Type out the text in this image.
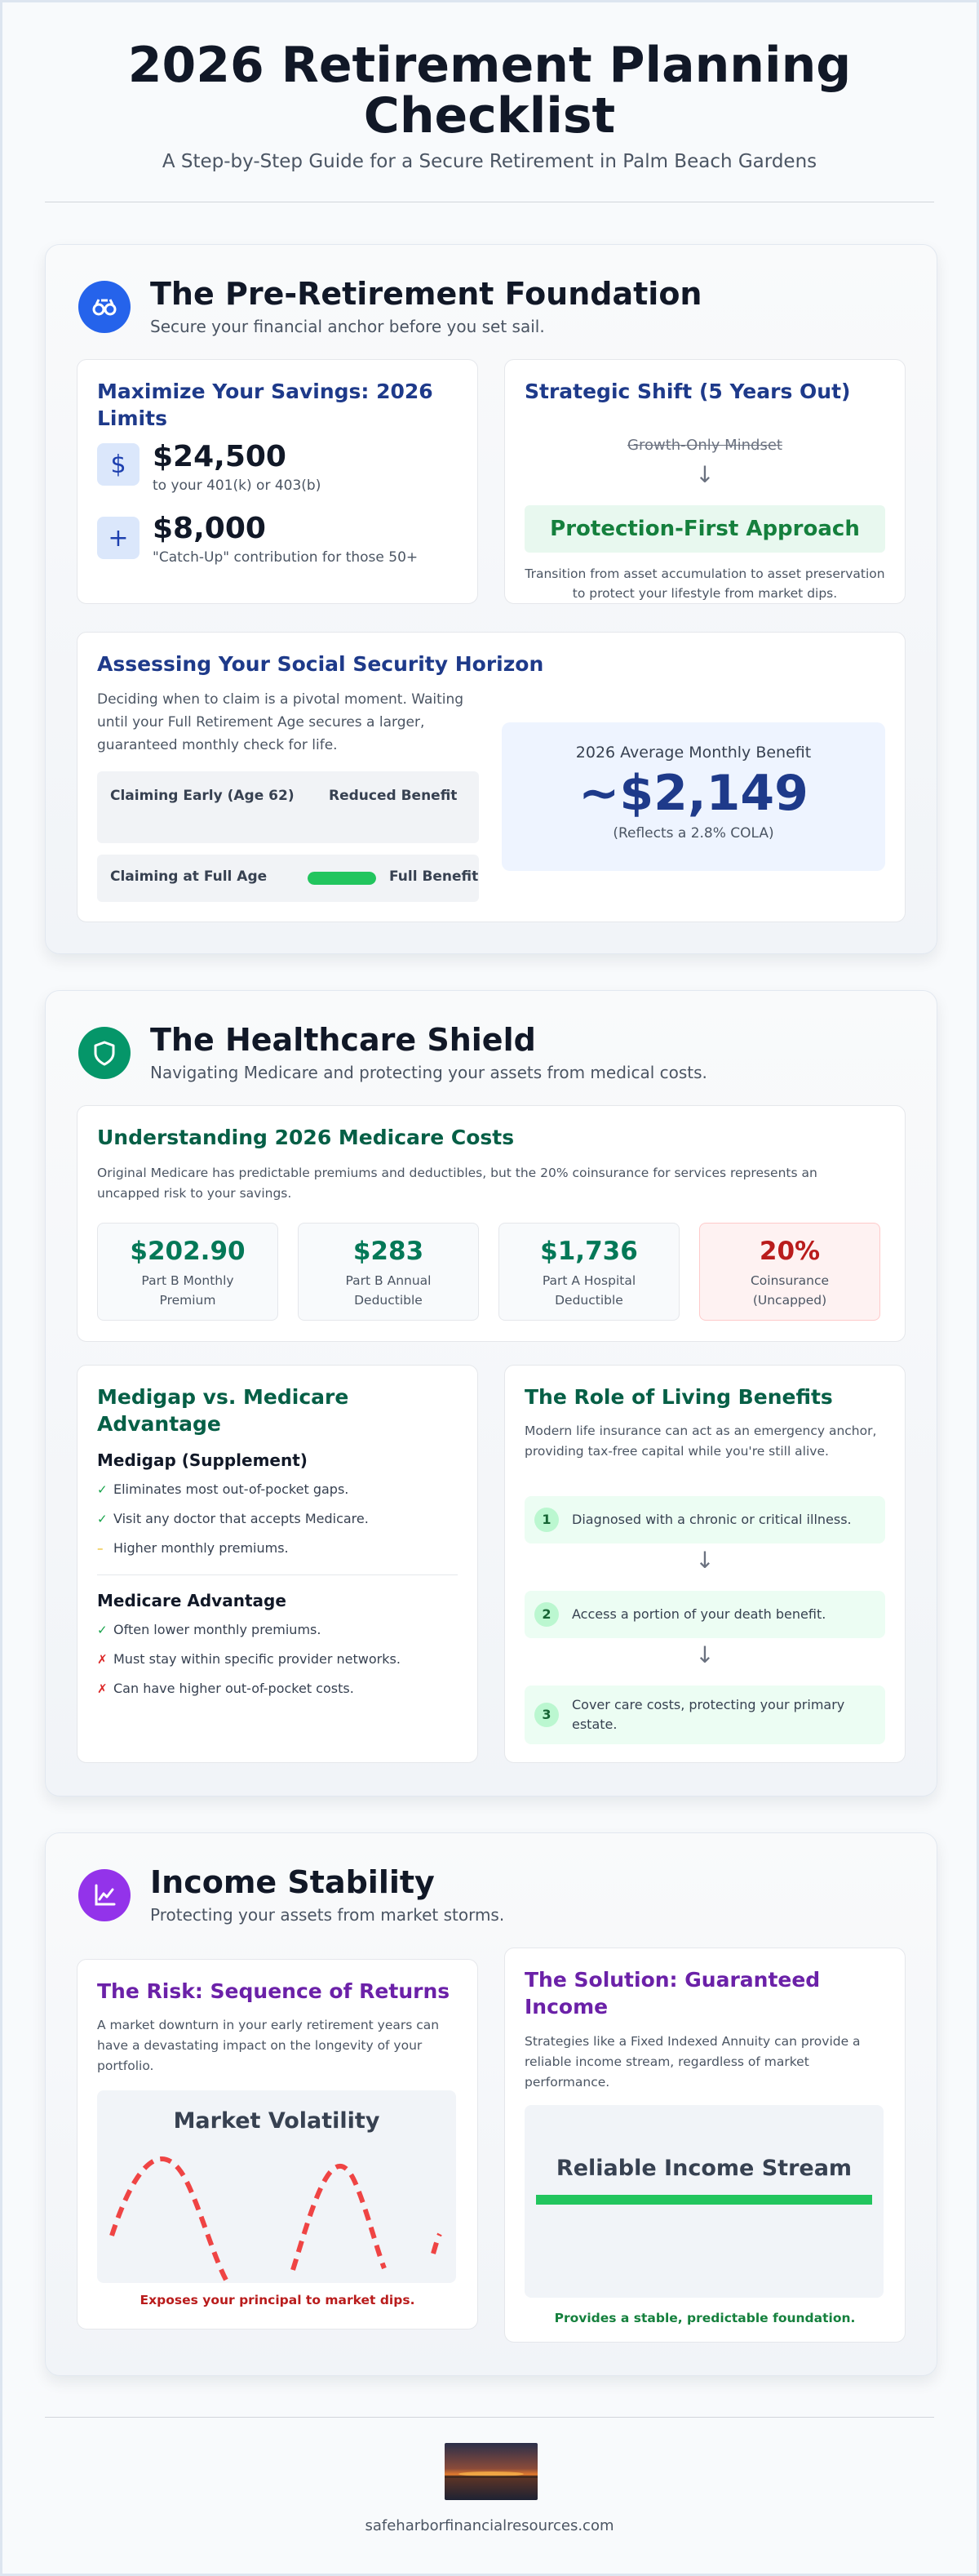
2026 Retirement Planning Checklist
A Step-by-Step Guide for a Secure Retirement in Palm Beach Gardens
The Pre-Retirement Foundation
Secure your financial anchor before you set sail.
Maximize Your Savings: 2026 Limits
$ $24,500
to your 401(k) or 403(b)
+ $8,000
"Catch-Up" contribution for those 50+
Strategic Shift (5 Years Out)
Growth-Only Mindset
↓
Protection-First Approach
Transition from asset accumulation to asset preservation to protect your lifestyle from market dips.
Assessing Your Social Security Horizon
Deciding when to claim is a pivotal moment. Waiting until your Full Retirement Age secures a larger, guaranteed monthly check for life.
Claiming Early (Age 62)	Reduced Benefit
Claiming at Full Age	Full Benefit
2026 Average Monthly Benefit
~$2,149
(Reflects a 2.8% COLA)
The Healthcare Shield
Navigating Medicare and protecting your assets from medical costs.
Understanding 2026 Medicare Costs
Original Medicare has predictable premiums and deductibles, but the 20% coinsurance for services represents an uncapped risk to your savings.
$202.90
Part B Monthly Premium
$283
Part B Annual Deductible
$1,736
Part A Hospital Deductible
20%
Coinsurance (Uncapped)
Medigap vs. Medicare Advantage
Medigap (Supplement)
✓ Eliminates most out-of-pocket gaps.
✓ Visit any doctor that accepts Medicare.
– Higher monthly premiums.
Medicare Advantage
✓ Often lower monthly premiums.
✗ Must stay within specific provider networks.
✗ Can have higher out-of-pocket costs.
The Role of Living Benefits
Modern life insurance can act as an emergency anchor, providing tax-free capital while you're still alive.
1	Diagnosed with a chronic or critical illness.
↓
2	Access a portion of your death benefit.
↓
3
Cover care costs, protecting your primary estate.
Income Stability
Protecting your assets from market storms.
The Risk: Sequence of Returns
A market downturn in your early retirement years can have a devastating impact on the longevity of your portfolio.
Market Volatility
Exposes your principal to market dips.
The Solution: Guaranteed Income
Strategies like a Fixed Indexed Annuity can provide a reliable income stream, regardless of market performance.
Reliable Income Stream
Provides a stable, predictable foundation.
safeharborfinancialresources.com
